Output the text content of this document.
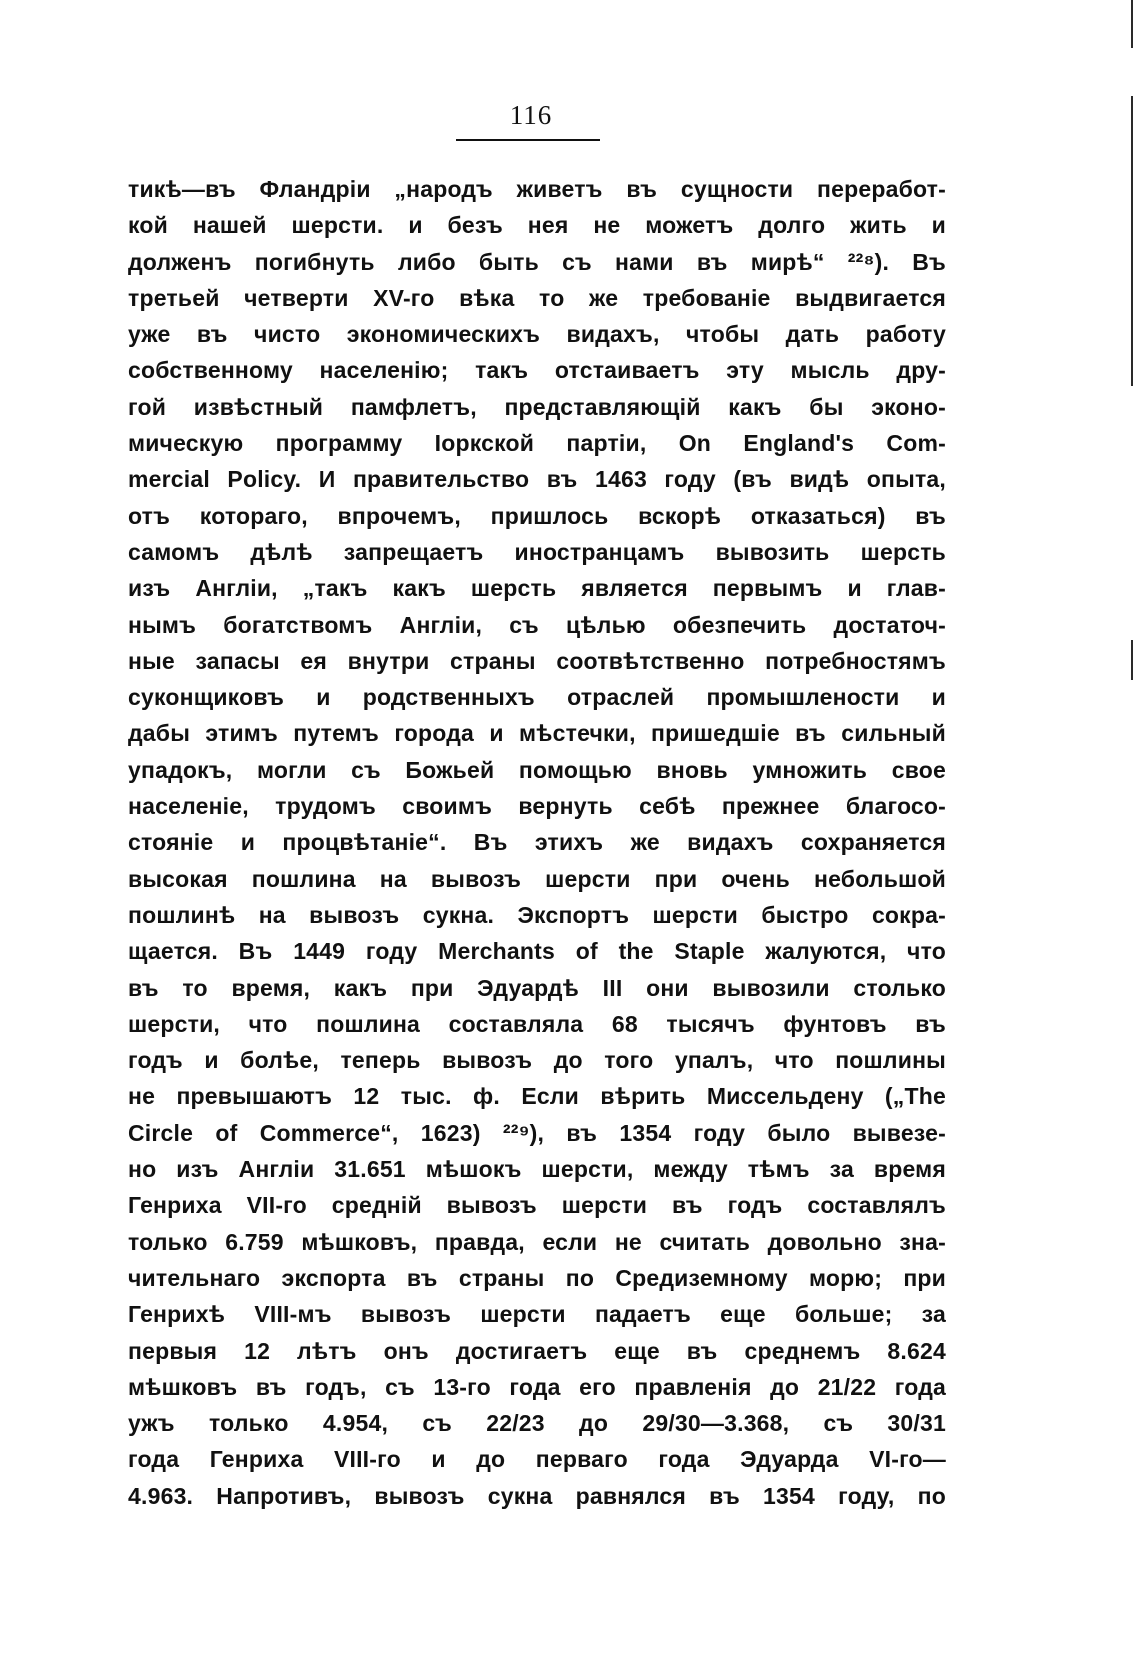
116
тикѣ—въ Фландріи „народъ живетъ въ сущности переработ-
кой нашей шерсти. и безъ нея не можетъ долго жить и
долженъ погибнуть либо быть съ нами въ мирѣ“ ²²⁸). Въ
третьей четверти XV-го вѣка то же требованіе выдвигается
уже въ чисто экономическихъ видахъ, чтобы дать работу
собственному населенію; такъ отстаиваетъ эту мысль дру-
гой извѣстный памфлетъ, представляющій какъ бы эконо-
мическую программу Іоркской партіи, On England's Com-
mercial Policy. И правительство въ 1463 году (въ видѣ опыта,
отъ котораго, впрочемъ, пришлось вскорѣ отказаться) въ
самомъ дѣлѣ запрещаетъ иностранцамъ вывозить шерсть
изъ Англіи, „такъ какъ шерсть является первымъ и глав-
нымъ богатствомъ Англіи, съ цѣлью обезпечить достаточ-
ные запасы ея внутри страны соотвѣтственно потребностямъ
суконщиковъ и родственныхъ отраслей промышлености и
дабы этимъ путемъ города и мѣстечки, пришедшіе въ сильный
упадокъ, могли съ Божьей помощью вновь умножить свое
населеніе, трудомъ своимъ вернуть себѣ прежнее благосо-
стояніе и процвѣтаніе“. Въ этихъ же видахъ сохраняется
высокая пошлина на вывозъ шерсти при очень небольшой
пошлинѣ на вывозъ сукна. Экспортъ шерсти быстро сокра-
щается. Въ 1449 году Merchants of the Staple жалуются, что
въ то время, какъ при Эдуардѣ III они вывозили столько
шерсти, что пошлина составляла 68 тысячъ фунтовъ въ
годъ и болѣе, теперь вывозъ до того упалъ, что пошлины
не превышаютъ 12 тыс. ф. Если вѣрить Миссельдену („The
Circle of Commerce“, 1623) ²²⁹), въ 1354 году было вывезе-
но изъ Англіи 31.651 мѣшокъ шерсти, между тѣмъ за время
Генриха VII-го средній вывозъ шерсти въ годъ составлялъ
только 6.759 мѣшковъ, правда, если не считать довольно зна-
чительнаго экспорта въ страны по Средиземному морю; при
Генрихѣ VIII-мъ вывозъ шерсти падаетъ еще больше; за
первыя 12 лѣтъ онъ достигаетъ еще въ среднемъ 8.624
мѣшковъ въ годъ, съ 13-го года его правленія до 21/22 года
ужъ только 4.954, съ 22/23 до 29/30—3.368, съ 30/31
года Генриха VIII-го и до перваго года Эдуарда VI-го—
4.963. Напротивъ, вывозъ сукна равнялся въ 1354 году, по
